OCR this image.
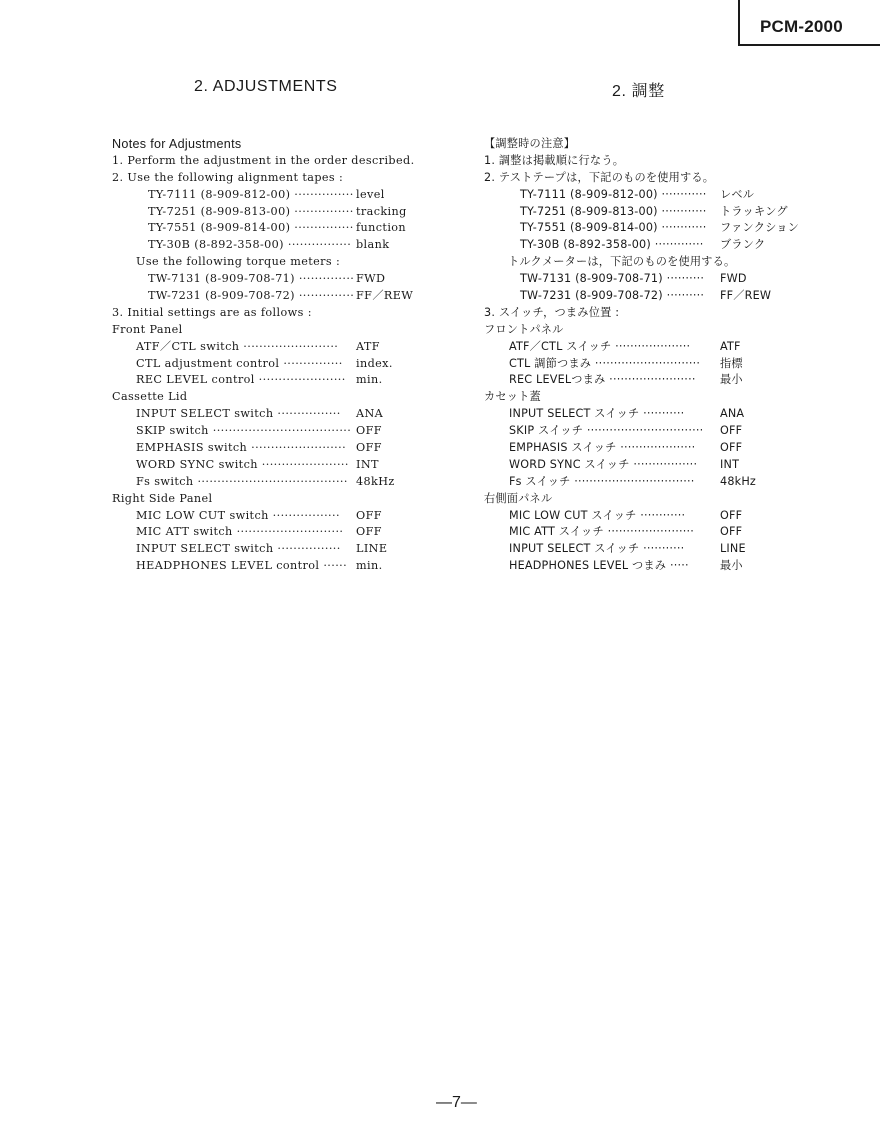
PCM-2000
2. ADJUSTMENTS	2. 調整
Notes for Adjustments
1. Perform the adjustment in the order described.
2. Use the following alignment tapes :
TY-7111 (8-909-812-00) ··············· level
TY-7251 (8-909-813-00) ··············· tracking
TY-7551 (8-909-814-00) ··············· function
TY-30B (8-892-358-00) ················ blank
Use the following torque meters :
TW-7131 (8-909-708-71) ·············· FWD
TW-7231 (8-909-708-72) ·············· FF／REW
3. Initial settings are as follows :
Front Panel
ATF／CTL switch ························ ATF
CTL adjustment control ··············· index.
REC LEVEL control ······················ min.
Cassette Lid
INPUT SELECT switch ················ ANA
SKIP switch ··································· OFF
EMPHASIS switch ························ OFF
WORD SYNC switch ······················ INT
Fs switch ······································ 48kHz
Right Side Panel
MIC LOW CUT switch ················· OFF
MIC ATT switch ··························· OFF
INPUT SELECT switch ················ LINE
HEADPHONES LEVEL control ······ min.
【調整時の注意】
1. 調整は掲載順に行なう。
2. テストテープは，下記のものを使用する。
TY-7111 (8-909-812-00) ············ レベル
TY-7251 (8-909-813-00) ············ トラッキング
TY-7551 (8-909-814-00) ············ ファンクション
TY-30B (8-892-358-00) ············· ブランク
トルクメーターは，下記のものを使用する。
TW-7131 (8-909-708-71) ·········· FWD
TW-7231 (8-909-708-72) ·········· FF／REW
3. スイッチ，つまみ位置 :
フロントパネル
ATF／CTL スイッチ ····················	ATF
CTL 調節つまみ ···························· 指標
REC LEVELつまみ ······················· 最小
カセット蓋
INPUT SELECT スイッチ ···········	ANA
SKIP スイッチ ······························· OFF
EMPHASIS スイッチ ···················· OFF
WORD SYNC スイッチ ················· INT
Fs スイッチ ································ 48kHz
右側面パネル
MIC LOW CUT スイッチ ············	OFF
MIC ATT スイッチ ······················· OFF
INPUT SELECT スイッチ ···········	LINE
HEADPHONES LEVEL つまみ ·····	最小
—7—
